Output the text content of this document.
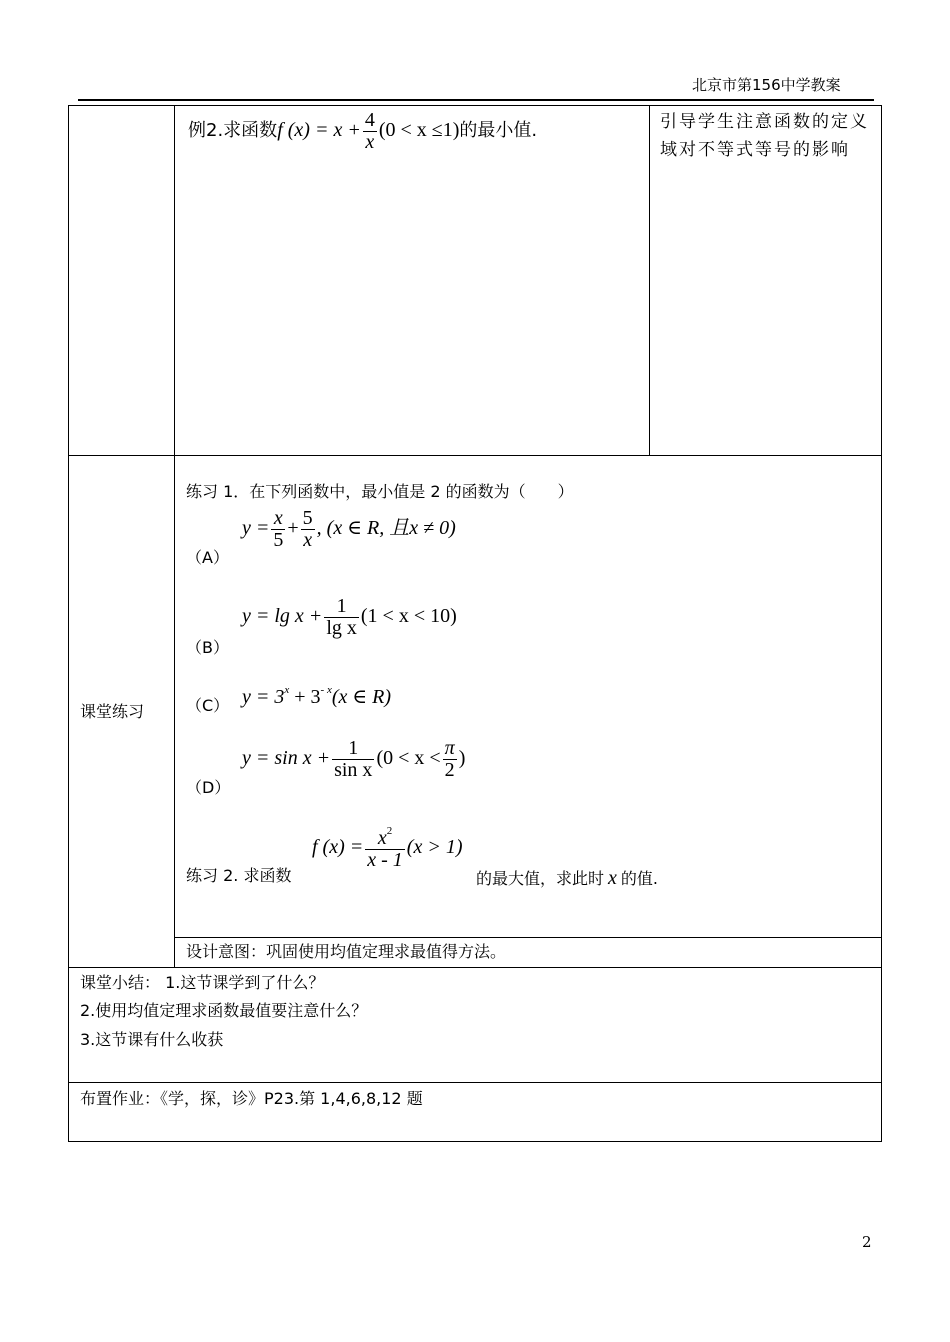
北京市第156中学教案
例2.求函数f $(x) = x + \frac{4}{x} (0 < x \le 1)$的最小值.	引导学生注意函数的定义域对不等式等号的影响
课堂练习
练习 1．在下列函数中，最小值是 2 的函数为（　　）
（A）
$y = \frac{x}{5} + \frac{5}{x}$ , (x ∈ R, 且x ≠ 0)
（B）
$y = \lg x + \frac{1}{\text{lg x}} (1 < x < 10)$
（C） $y = 3^x + 3^{- x}(x$ ∈ R)
（D）
$y = \sin x + \frac{1}{\text{sin x}} (0 < x < \frac{\pi}{2}$ )
练习 2. 求函数
f $(x) = \frac{x^2}{x - 1} (x > 1)$
的最大值，求此时 x 的值.
设计意图：巩固使用均值定理求最值得方法。
课堂小结： 1.这节课学到了什么？
2.使用均值定理求函数最值要注意什么？
3.这节课有什么收获
布置作业：《学，探，诊》P23.第 1,4,6,8,12 题
2
